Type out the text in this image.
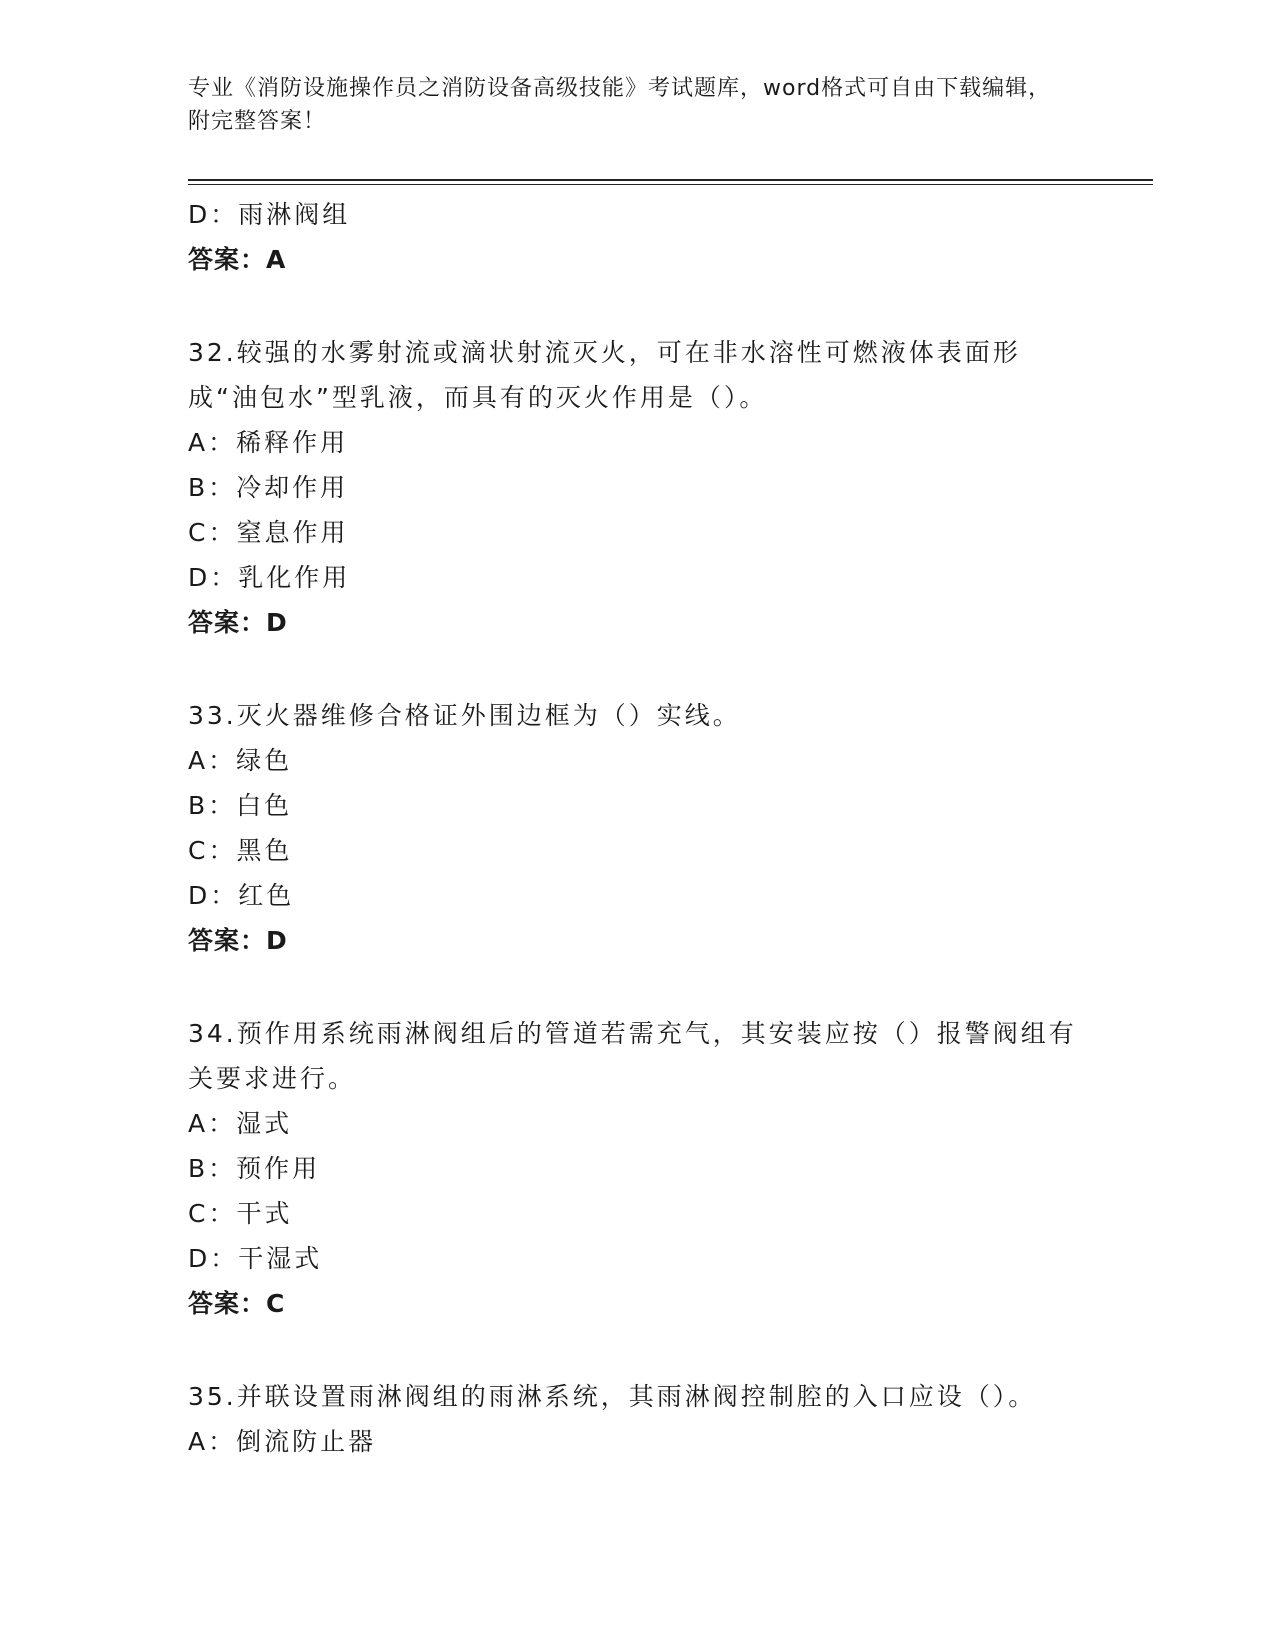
专业《消防设施操作员之消防设备高级技能》考试题库，word格式可自由下载编辑，附完整答案！

D：雨淋阀组
答案：A

32.较强的水雾射流或滴状射流灭火，可在非水溶性可燃液体表面形成“油包水”型乳液，而具有的灭火作用是（）。

A：稀释作用
B：冷却作用
C：窒息作用
D：乳化作用
答案：D

33.灭火器维修合格证外围边框为（）实线。

A：绿色
B：白色
C：黑色
D：红色
答案：D

34.预作用系统雨淋阀组后的管道若需充气，其安装应按（）报警阀组有关要求进行。

A：湿式
B：预作用
C：干式
D：干湿式
答案：C

35.并联设置雨淋阀组的雨淋系统，其雨淋阀控制腔的入口应设（）。

A：倒流防止器
